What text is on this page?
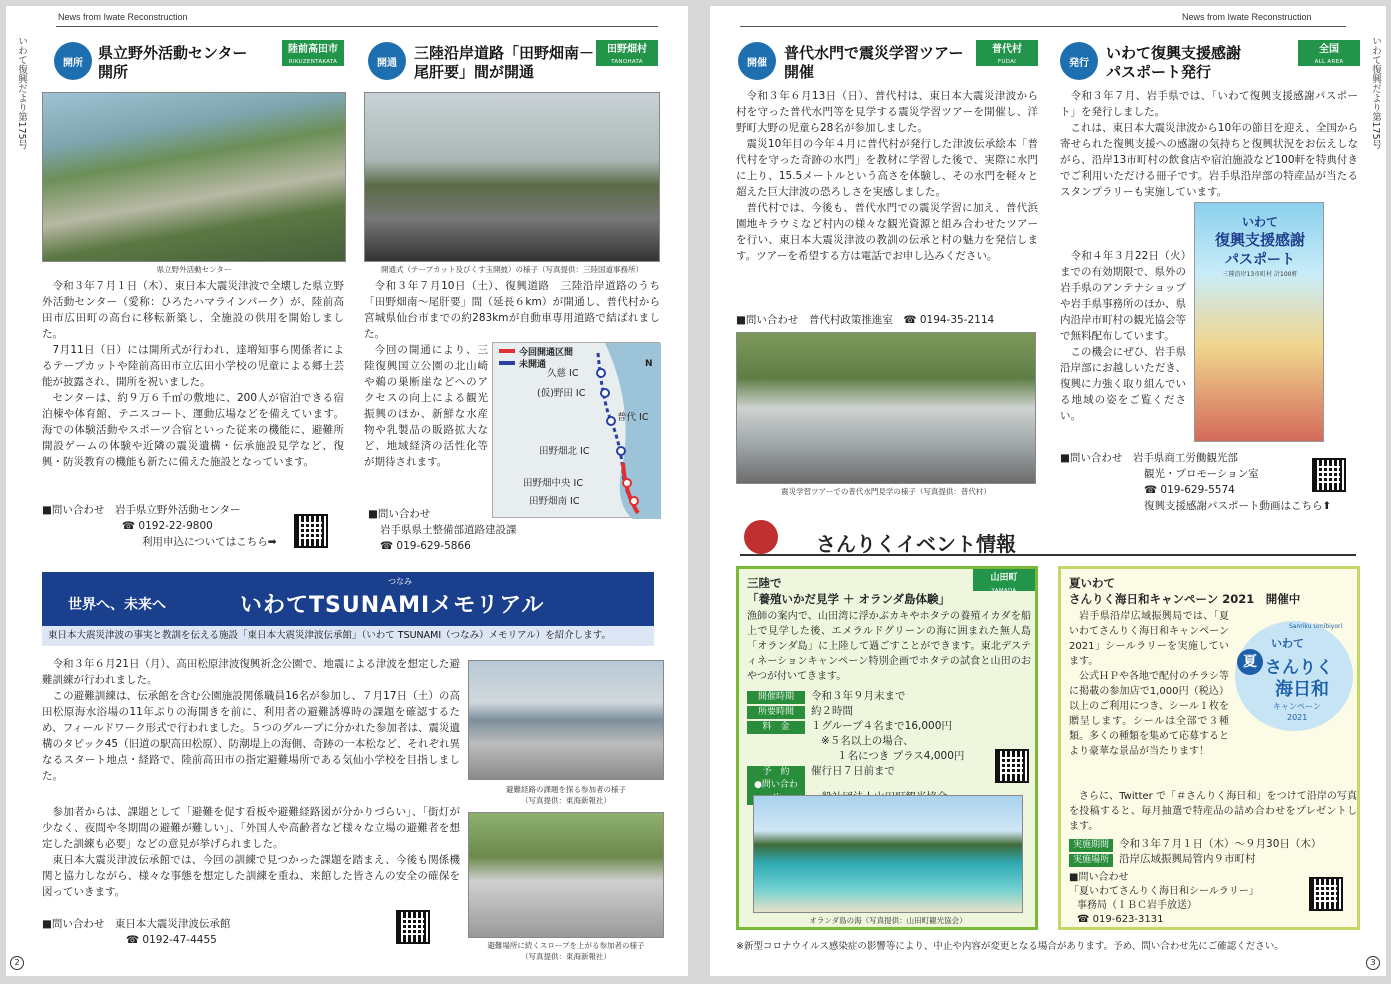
News from Iwate Reconstruction
いわて復興だより第175号	開所
県立野外活動センター
開所
陸前高田市
RIKUZENTAKATA
県立野外活動センター

令和３年７月１日（木）、東日本大震災津波で全壊した県立野外活動センター（愛称：ひろたハマラインパーク）が、陸前高田市広田町の高台に移転新築し、全施設の供用を開始しました。

7月11日（日）には開所式が行われ、達増知事ら関係者によるテープカットや陸前高田市立広田小学校の児童による郷土芸能が披露され、開所を祝いました。

センターは、約９万６千㎡の敷地に、200人が宿泊できる宿泊棟や体育館、テニスコート、運動広場などを備えています。海での体験活動やスポーツ合宿といった従来の機能に、避難所開設ゲームの体験や近隣の震災遺構・伝承施設見学など、復興・防災教育の機能も新たに備えた施設となっています。

■問い合わせ　岩手県立野外活動センター
☎ 0192-22-9800
利用申込についてはこちら➡
開通
三陸沿岸道路「田野畑南－
尾肝要」間が開通
田野畑村
TANOHATA
開通式（テープカット及びくす玉開披）の様子（写真提供：三陸国道事務所）

令和３年７月10日（土）、復興道路　三陸沿岸道路のうち「田野畑南～尾肝要」間（延長６km）が開通し、普代村から宮城県仙台市までの約283kmが自動車専用道路で結ばれました。

今回の開通により、三陸復興国立公園の北山崎や鵜の巣断崖などへのアクセスの向上による観光振興のほか、新鮮な水産物や乳製品の販路拡大など、地域経済の活性化等が期待されます。

今回開通区間
未開通	N
久慈 IC
(仮)野田 IC
普代 IC
田野畑北 IC
田野畑中央 IC
田野畑南 IC
■問い合わせ
岩手県県土整備部道路建設課
☎ 019-629-5866
世界へ、未来へ
つなみ
いわてTSUNAMIメモリアル
東日本大震災津波の事実と教訓を伝える施設「東日本大震災津波伝承館」（いわて TSUNAMI（つなみ）メモリアル）を紹介します。

令和３年６月21日（月）、高田松原津波復興祈念公園で、地震による津波を想定した避難訓練が行われました。

この避難訓練は、伝承館を含む公園施設関係職員16名が参加し、７月17日（土）の高田松原海水浴場の11年ぶりの海開きを前に、利用者の避難誘導時の課題を確認するため、フィールドワーク形式で行われました。５つのグループに分かれた参加者は、震災遺構のタピック45（旧道の駅高田松原）、防潮堤上の海側、奇跡の一本松など、それぞれ異なるスタート地点・経路で、陸前高田市の指定避難場所である気仙小学校を目指しました。

参加者からは、課題として「避難を促す看板や避難経路図が分かりづらい」、「街灯が少なく、夜間や冬期間の避難が難しい」、「外国人や高齢者など様々な立場の避難者を想定した訓練も必要」などの意見が挙げられました。

東日本大震災津波伝承館では、今回の訓練で見つかった課題を踏まえ、今後も関係機関と協力しながら、様々な事態を想定した訓練を重ね、来館した皆さんの安全の確保を図っていきます。

避難経路の課題を探る参加者の様子
（写真提供：東海新報社）
避難場所に続くスロープを上がる参加者の様子
（写真提供：東海新報社）
■問い合わせ　東日本大震災津波伝承館
☎ 0192-47-4455
2
News from Iwate Reconstruction
いわて復興だより第175号
開催
普代水門で震災学習ツアー
開催
普代村
FUDAI

令和３年６月13日（日）、普代村は、東日本大震災津波から村を守った普代水門等を見学する震災学習ツアーを開催し、洋野町大野の児童ら28名が参加しました。

震災10年目の今年４月に普代村が発行した津波伝承絵本「普代村を守った奇跡の水門」を教材に学習した後で、実際に水門に上り、15.5メートルという高さを体験し、その水門を軽々と超えた巨大津波の恐ろしさを実感しました。

普代村では、今後も、普代水門での震災学習に加え、普代浜園地キラウミなど村内の様々な観光資源と組み合わせたツアーを行い、東日本大震災津波の教訓の伝承と村の魅力を発信します。ツアーを希望する方は電話でお申し込みください。

■問い合わせ　普代村政策推進室　☎ 0194-35-2114
震災学習ツアーでの普代水門見学の様子（写真提供：普代村）
発行
いわて復興支援感謝
パスポート発行
全国
ALL AREA

令和３年７月、岩手県では、「いわて復興支援感謝パスポート」を発行しました。

これは、東日本大震災津波から10年の節目を迎え、全国から寄せられた復興支援への感謝の気持ちと復興状況をお伝えしながら、沿岸13市町村の飲食店や宿泊施設など100軒を特典付きでご利用いただける冊子です。岩手県沿岸部の特産品が当たるスタンプラリーも実施しています。

令和４年３月22日（火）までの有効期限で、県外の岩手県のアンテナショップや岩手県事務所のほか、県内沿岸市町村の観光協会等で無料配布しています。

この機会にぜひ、岩手県沿岸部にお越しいただき、復興に力強く取り組んでいる地域の姿をご覧ください。

いわて
復興支援感謝
パスポート
三陸沿岸13市町村 計100軒
■問い合わせ　岩手県商工労働観光部
観光・プロモーション室
☎ 019-629-5574
復興支援感謝パスポート動画はこちら⬆
さんりくイベント情報
三陸で
「養殖いかだ見学 ＋ オランダ島体験」
山田町
YAMADA
漁師の案内で、山田湾に浮かぶカキやホタテの養殖イカダを船上で見学した後、エメラルドグリーンの海に囲まれた無人島「オランダ島」に上陸して過ごすことができます。東北デスティネーションキャンペーン特別企画でホタテの試食と山田のおやつが付いてきます。
開催時期 令和３年９月末まで
所要時間 約２時間
料　金 １グループ４名まで16,000円
※５名以上の場合、
１名につき プラス4,000円
予　約 催行日７日前まで
●問い合わ
オランダ島の海（写真提供：山田町観光協会）
夏いわて
さんりく海日和キャンペーン 2021　開催中

岩手県沿岸広域振興局では、「夏いわてさんりく海日和キャンペーン 2021」シールラリーを実施しています。

公式ＨＰや各地で配付のチラシ等に掲載の参加店で1,000円（税込）以上のご利用につき、シール１枚を贈呈します。シールは全部で３種類。多くの種類を集めて応募するとより豪華な景品が当たります！

夏
いわて
さんりく
海日和
キャンペーン
2021
Sanriku Umibiyori

さらに、Twitter で「＃さんりく海日和」をつけて沿岸の写真を投稿すると、毎月抽選で特産品の詰め合わせをプレゼントします。

実施期間 令和３年７月１日（木）～９月30日（木）
実施場所 沿岸広域振興局管内９市町村
■問い合わせ
「夏いわてさんりく海日和シールラリー」
事務局（ＩＢＣ岩手放送）
☎ 019-623-3131
※新型コロナウイルス感染症の影響等により、中止や内容が変更となる場合があります。予め、問い合わせ先にご確認ください。
3
